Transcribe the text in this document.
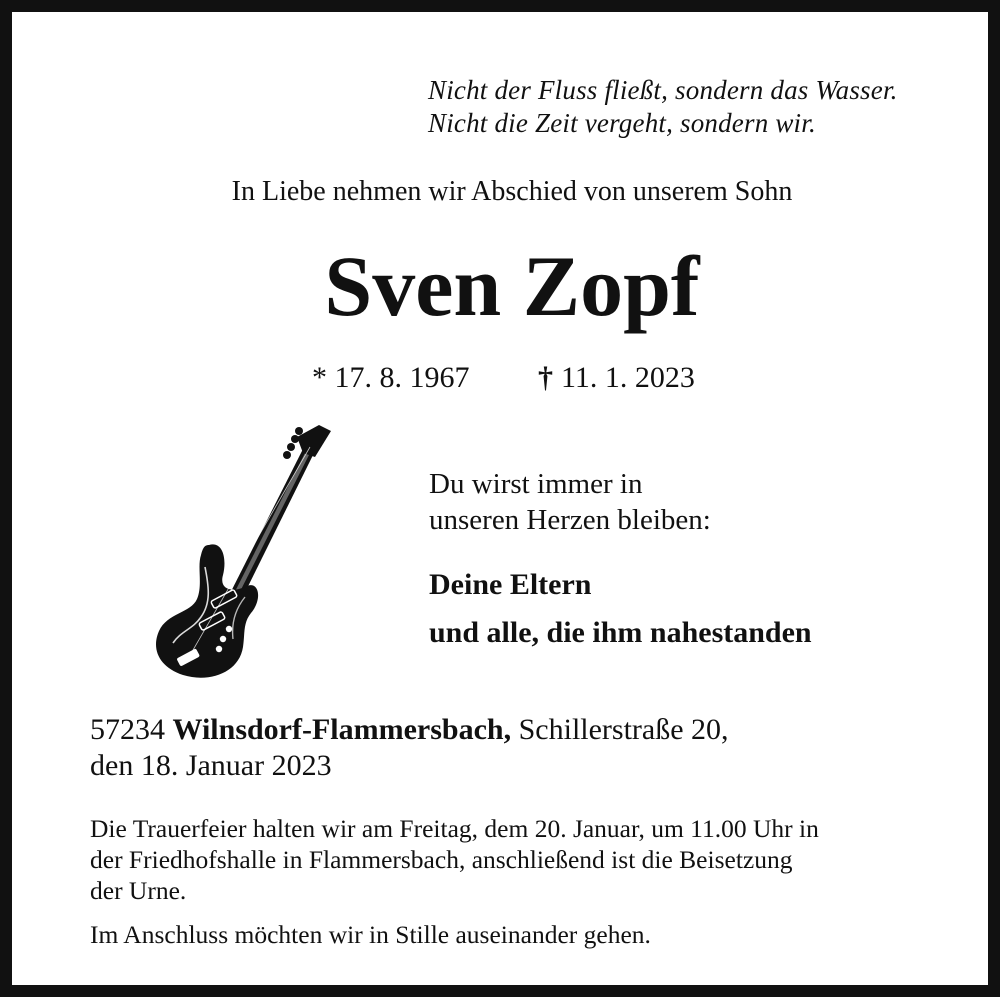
Nicht der Fluss fließt, sondern das Wasser.
Nicht die Zeit vergeht, sondern wir.
In Liebe nehmen wir Abschied von unserem Sohn
Sven Zopf
* 17. 8. 1967 † 11. 1. 2023
Du wirst immer in
unseren Herzen bleiben:
Deine Eltern
und alle, die ihm nahestanden
57234 Wilnsdorf-Flammersbach, Schillerstraße 20,
den 18. Januar 2023
Die Trauerfeier halten wir am Freitag, dem 20. Januar, um 11.00 Uhr in
der Friedhofshalle in Flammersbach, anschließend ist die Beisetzung
der Urne.
Im Anschluss möchten wir in Stille auseinander gehen.
